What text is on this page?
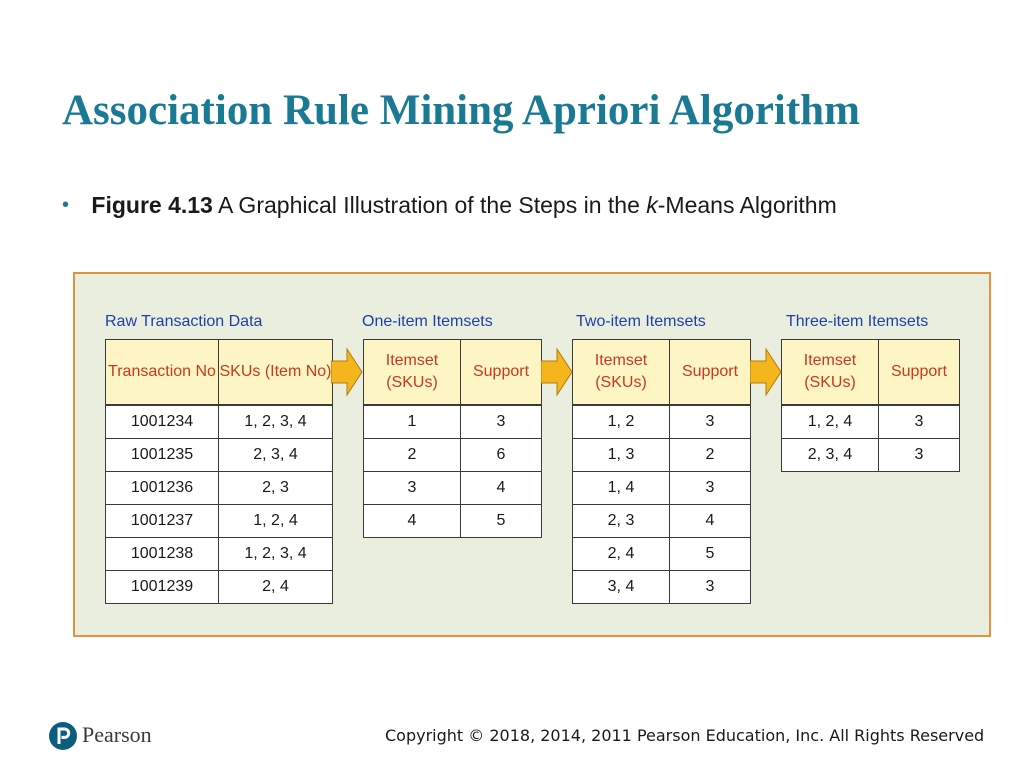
Association Rule Mining Apriori Algorithm
• Figure 4.13 A Graphical Illustration of the Steps in the k-Means Algorithm
Raw Transaction Data	One-item Itemsets	Two-item Itemsets	Three-item Itemsets
Transaction No	SKUs (Item No)

1001234	1, 2, 3, 4
1001235	2, 3, 4
1001236	2, 3
1001237	1, 2, 4
1001238	1, 2, 3, 4
1001239	2, 4
Itemset (SKUs)	Support

1	3
2	6
3	4
4	5
Itemset (SKUs)	Support

1, 2	3
1, 3	2
1, 4	3
2, 3	4
2, 4	5
3, 4	3
Itemset (SKUs)	Support

1, 2, 4	3
2, 3, 4	3
Pearson	Copyright © 2018, 2014, 2011 Pearson Education, Inc. All Rights Reserved
